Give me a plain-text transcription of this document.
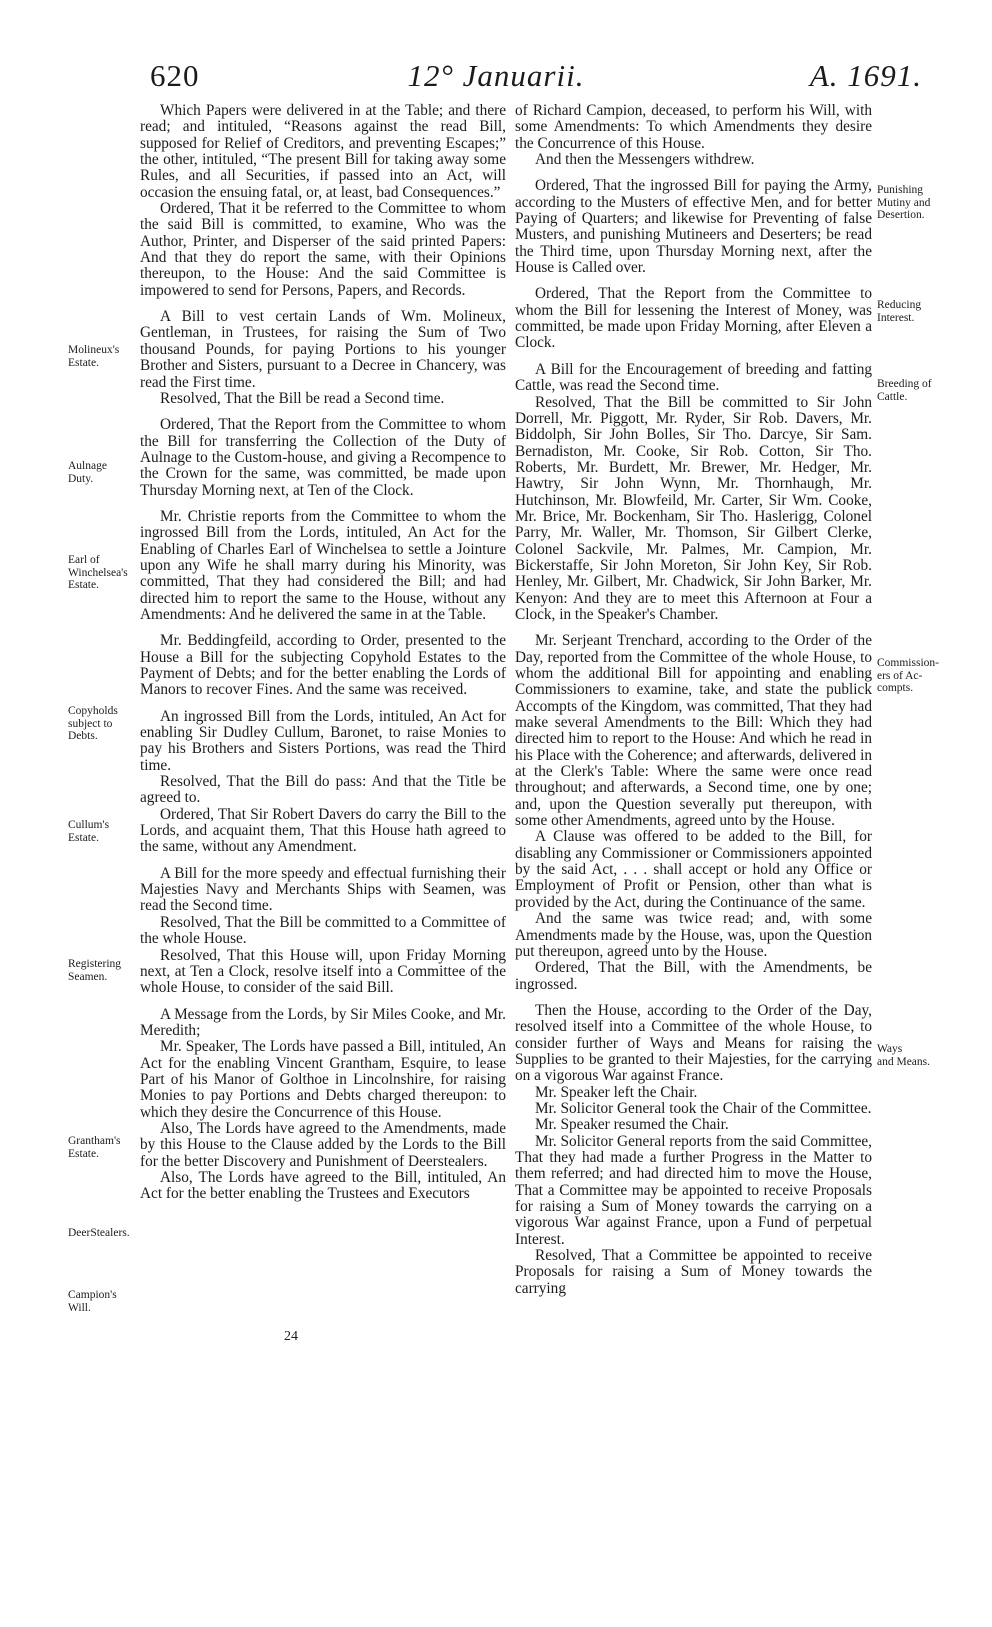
620	12° Januarii.	A. 1691.

Which Papers were delivered in at the Table; and there read; and intituled, “Reasons against the read Bill, supposed for Relief of Creditors, and preventing Escapes;” the other, intituled, “The present Bill for taking away some Rules, and all Securities, if passed into an Act, will occasion the ensuing fatal, or, at least, bad Consequences.”

Ordered, That it be referred to the Committee to whom the said Bill is committed, to examine, Who was the Author, Printer, and Disperser of the said printed Papers: And that they do report the same, with their Opinions thereupon, to the House: And the said Committee is impowered to send for Persons, Papers, and Records.

A Bill to vest certain Lands of Wm. Molineux, Gentleman, in Trustees, for raising the Sum of Two thousand Pounds, for paying Portions to his younger Brother and Sisters, pursuant to a Decree in Chancery, was read the First time.

Resolved, That the Bill be read a Second time.

Ordered, That the Report from the Committee to whom the Bill for transferring the Collection of the Duty of Aulnage to the Custom-house, and giving a Recompence to the Crown for the same, was committed, be made upon Thursday Morning next, at Ten of the Clock.

Mr. Christie reports from the Committee to whom the ingrossed Bill from the Lords, intituled, An Act for the Enabling of Charles Earl of Winchelsea to settle a Jointure upon any Wife he shall marry during his Minority, was committed, That they had considered the Bill; and had directed him to report the same to the House, without any Amendments: And he delivered the same in at the Table.

Mr. Beddingfeild, according to Order, presented to the House a Bill for the subjecting Copyhold Estates to the Payment of Debts; and for the better enabling the Lords of Manors to recover Fines. And the same was received.

An ingrossed Bill from the Lords, intituled, An Act for enabling Sir Dudley Cullum, Baronet, to raise Monies to pay his Brothers and Sisters Portions, was read the Third time.

Resolved, That the Bill do pass: And that the Title be agreed to.

Ordered, That Sir Robert Davers do carry the Bill to the Lords, and acquaint them, That this House hath agreed to the same, without any Amendment.

A Bill for the more speedy and effectual furnishing their Majesties Navy and Merchants Ships with Seamen, was read the Second time.

Resolved, That the Bill be committed to a Committee of the whole House.

Resolved, That this House will, upon Friday Morning next, at Ten a Clock, resolve itself into a Committee of the whole House, to consider of the said Bill.

A Message from the Lords, by Sir Miles Cooke, and Mr. Meredith;

Mr. Speaker, The Lords have passed a Bill, intituled, An Act for the enabling Vincent Grantham, Esquire, to lease Part of his Manor of Golthoe in Lincolnshire, for raising Monies to pay Portions and Debts charged thereupon: to which they desire the Concurrence of this House.

Also, The Lords have agreed to the Amendments, made by this House to the Clause added by the Lords to the Bill for the better Discovery and Punishment of Deerstealers.

Also, The Lords have agreed to the Bill, intituled, An Act for the better enabling the Trustees and Executors

of Richard Campion, deceased, to perform his Will, with some Amendments: To which Amendments they desire the Concurrence of this House.

And then the Messengers withdrew.

Ordered, That the ingrossed Bill for paying the Army, according to the Musters of effective Men, and for better Paying of Quarters; and likewise for Preventing of false Musters, and punishing Mutineers and Deserters; be read the Third time, upon Thursday Morning next, after the House is Called over.

Ordered, That the Report from the Committee to whom the Bill for lessening the Interest of Money, was committed, be made upon Friday Morning, after Eleven a Clock.

A Bill for the Encouragement of breeding and fatting Cattle, was read the Second time.

Resolved, That the Bill be committed to Sir John Dorrell, Mr. Piggott, Mr. Ryder, Sir Rob. Davers, Mr. Biddolph, Sir John Bolles, Sir Tho. Darcye, Sir Sam. Bernadiston, Mr. Cooke, Sir Rob. Cotton, Sir Tho. Roberts, Mr. Burdett, Mr. Brewer, Mr. Hedger, Mr. Hawtry, Sir John Wynn, Mr. Thornhaugh, Mr. Hutchinson, Mr. Blowfeild, Mr. Carter, Sir Wm. Cooke, Mr. Brice, Mr. Bockenham, Sir Tho. Haslerigg, Colonel Parry, Mr. Waller, Mr. Thomson, Sir Gilbert Clerke, Colonel Sackvile, Mr. Palmes, Mr. Campion, Mr. Bickerstaffe, Sir John Moreton, Sir John Key, Sir Rob. Henley, Mr. Gilbert, Mr. Chadwick, Sir John Barker, Mr. Kenyon: And they are to meet this Afternoon at Four a Clock, in the Speaker's Chamber.

Mr. Serjeant Trenchard, according to the Order of the Day, reported from the Committee of the whole House, to whom the additional Bill for appointing and enabling Commissioners to examine, take, and state the publick Accompts of the Kingdom, was committed, That they had make several Amendments to the Bill: Which they had directed him to report to the House: And which he read in his Place with the Coherence; and afterwards, delivered in at the Clerk's Table: Where the same were once read throughout; and afterwards, a Second time, one by one; and, upon the Question severally put thereupon, with some other Amendments, agreed unto by the House.

A Clause was offered to be added to the Bill, for disabling any Commissioner or Commissioners appointed by the said Act, . . . shall accept or hold any Office or Employment of Profit or Pension, other than what is provided by the Act, during the Continuance of the same.

And the same was twice read; and, with some Amendments made by the House, was, upon the Question put thereupon, agreed unto by the House.

Ordered, That the Bill, with the Amendments, be ingrossed.

Then the House, according to the Order of the Day, resolved itself into a Committee of the whole House, to consider further of Ways and Means for raising the Supplies to be granted to their Majesties, for the carrying on a vigorous War against France.

Mr. Speaker left the Chair.

Mr. Solicitor General took the Chair of the Committee.

Mr. Speaker resumed the Chair.

Mr. Solicitor General reports from the said Committee, That they had made a further Progress in the Matter to them referred; and had directed him to move the House, That a Committee may be appointed to receive Proposals for raising a Sum of Money towards the carrying on a vigorous War against France, upon a Fund of perpetual Interest.

Resolved, That a Committee be appointed to receive Proposals for raising a Sum of Money towards the carrying

Molineux's
Estate.
Aulnage
Duty.
Earl of
Winchelsea's
Estate.
Copyholds
subject to
Debts.
Cullum's
Estate.
Registering
Seamen.
Grantham's
Estate.
DeerStealers.
Campion's
Will.
Punishing
Mutiny and
Desertion.
Reducing
Interest.
Breeding of
Cattle.
Commission-
ers of Ac-
compts.
Ways
and Means.
24
